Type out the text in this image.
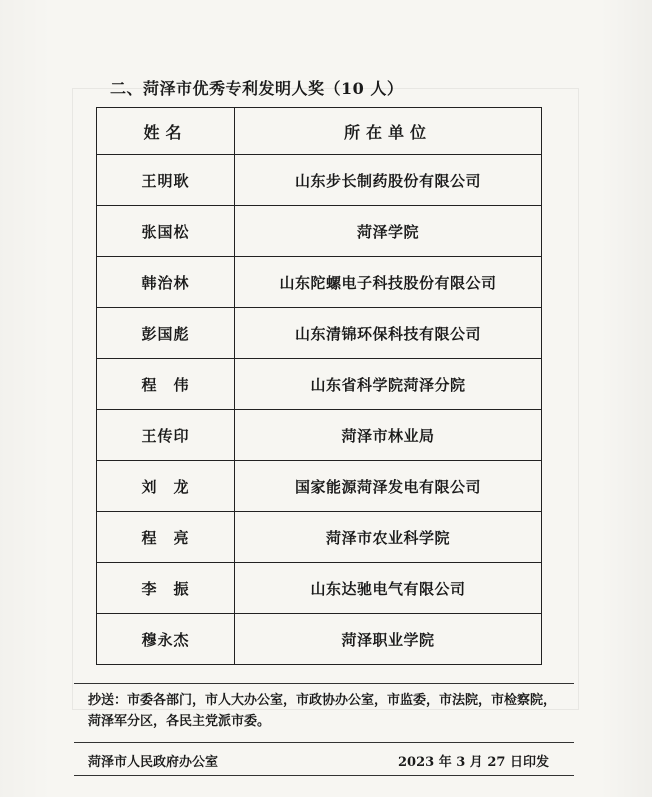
二、菏泽市优秀专利发明人奖（10 人）
姓名	所在单位
王明耿	山东步长制药股份有限公司
张国松	菏泽学院
韩治林	山东陀螺电子科技股份有限公司
彭国彪	山东清锦环保科技有限公司
程　伟	山东省科学院菏泽分院
王传印	菏泽市林业局
刘　龙	国家能源菏泽发电有限公司
程　亮	菏泽市农业科学院
李　振	山东达驰电气有限公司
穆永杰	菏泽职业学院
抄送：市委各部门，市人大办公室，市政协办公室，市监委，市法院，市检察院，菏泽军分区，各民主党派市委。
菏泽市人民政府办公室	2023 年 3 月 27 日印发
